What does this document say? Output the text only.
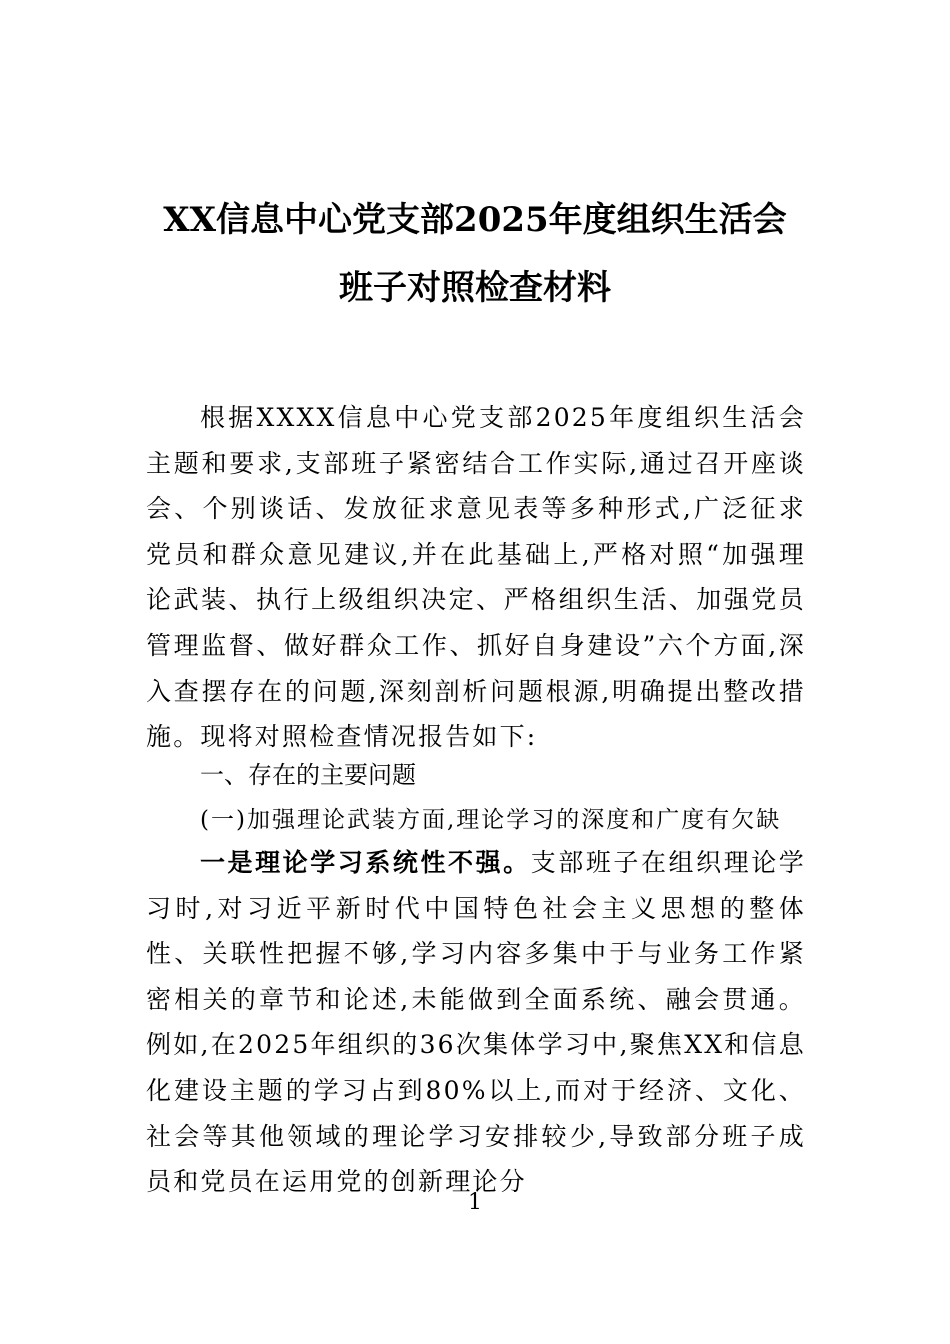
XX信息中心党支部2025年度组织生活会
班子对照检查材料

根据XXXX信息中心党支部2025年度组织生活会主题和要求,支部班子紧密结合工作实际,通过召开座谈会、个别谈话、发放征求意见表等多种形式,广泛征求党员和群众意见建议,并在此基础上,严格对照“加强理论武装、执行上级组织决定、严格组织生活、加强党员管理监督、做好群众工作、抓好自身建设”六个方面,深入查摆存在的问题,深刻剖析问题根源,明确提出整改措施。现将对照检查情况报告如下:

一、存在的主要问题
(一)加强理论武装方面,理论学习的深度和广度有欠缺

一是理论学习系统性不强。支部班子在组织理论学习时,对习近平新时代中国特色社会主义思想的整体性、关联性把握不够,学习内容多集中于与业务工作紧密相关的章节和论述,未能做到全面系统、融会贯通。例如,在2025年组织的36次集体学习中,聚焦XX和信息化建设主题的学习占到80%以上,而对于经济、文化、社会等其他领域的理论学习安排较少,导致部分班子成员和党员在运用党的创新理论分

1
